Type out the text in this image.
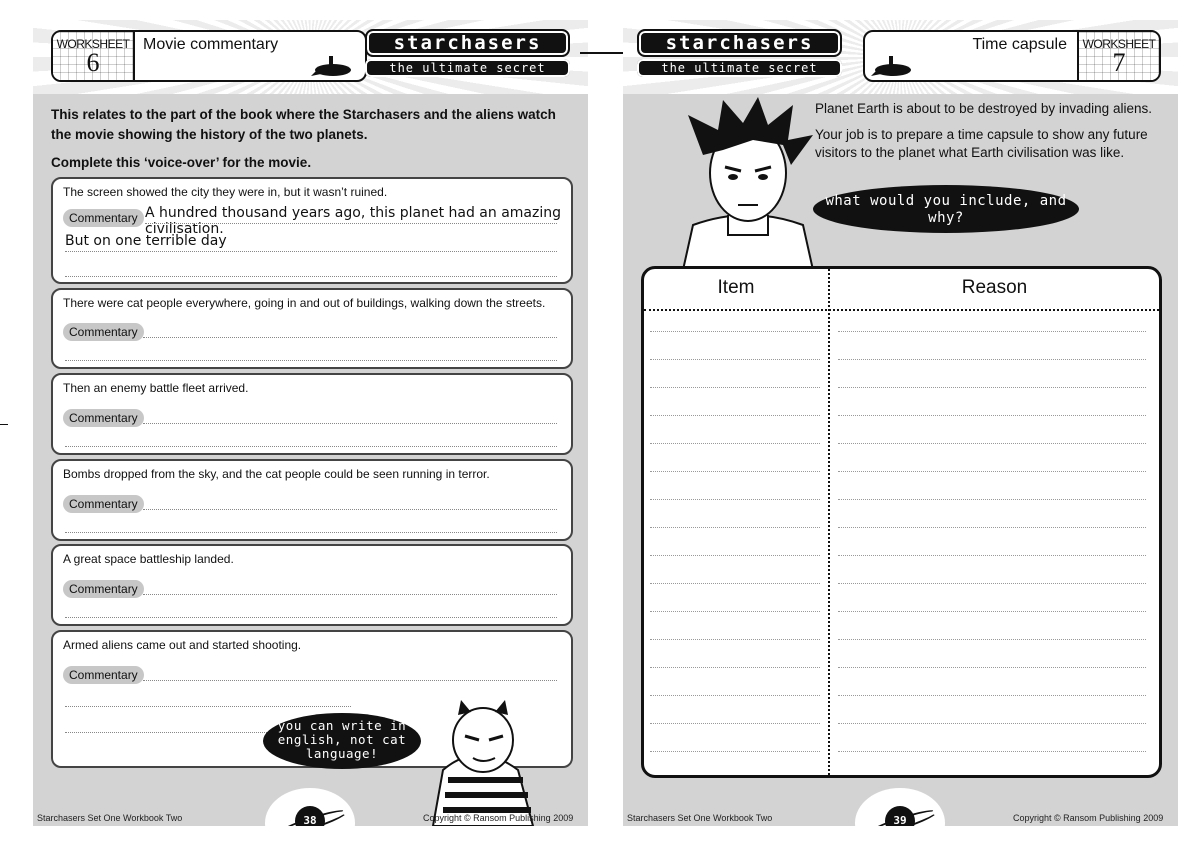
WORKSHEET
6
Movie commentary	starchasers
the ultimate secret

This relates to the part of the book where the Starchasers and the aliens watch the movie showing the history of the two planets.

Complete this ‘voice-over’ for the movie.

The screen showed the city they were in, but it wasn’t ruined.
Commentary A hundred thousand years ago, this planet had an amazing civilisation.
But on one terrible day
There were cat people everywhere, going in and out of buildings, walking down the streets.
Commentary
Then an enemy battle fleet arrived.
Commentary
Bombs dropped from the sky, and the cat people could be seen running in terror.
Commentary
A great space battleship landed.
Commentary
Armed aliens came out and started shooting.
Commentary
you can write in english, not cat language!
38
Starchasers Set One Workbook Two	Copyright © Ransom Publishing 2009
starchasers
the ultimate secret
Time capsule WORKSHEET
7

Planet Earth is about to be destroyed by invading aliens.

Your job is to prepare a time capsule to show any future visitors to the planet what Earth civilisation was like.

what would you include, and why?
Item	Reason
39
Starchasers Set One Workbook Two	Copyright © Ransom Publishing 2009
